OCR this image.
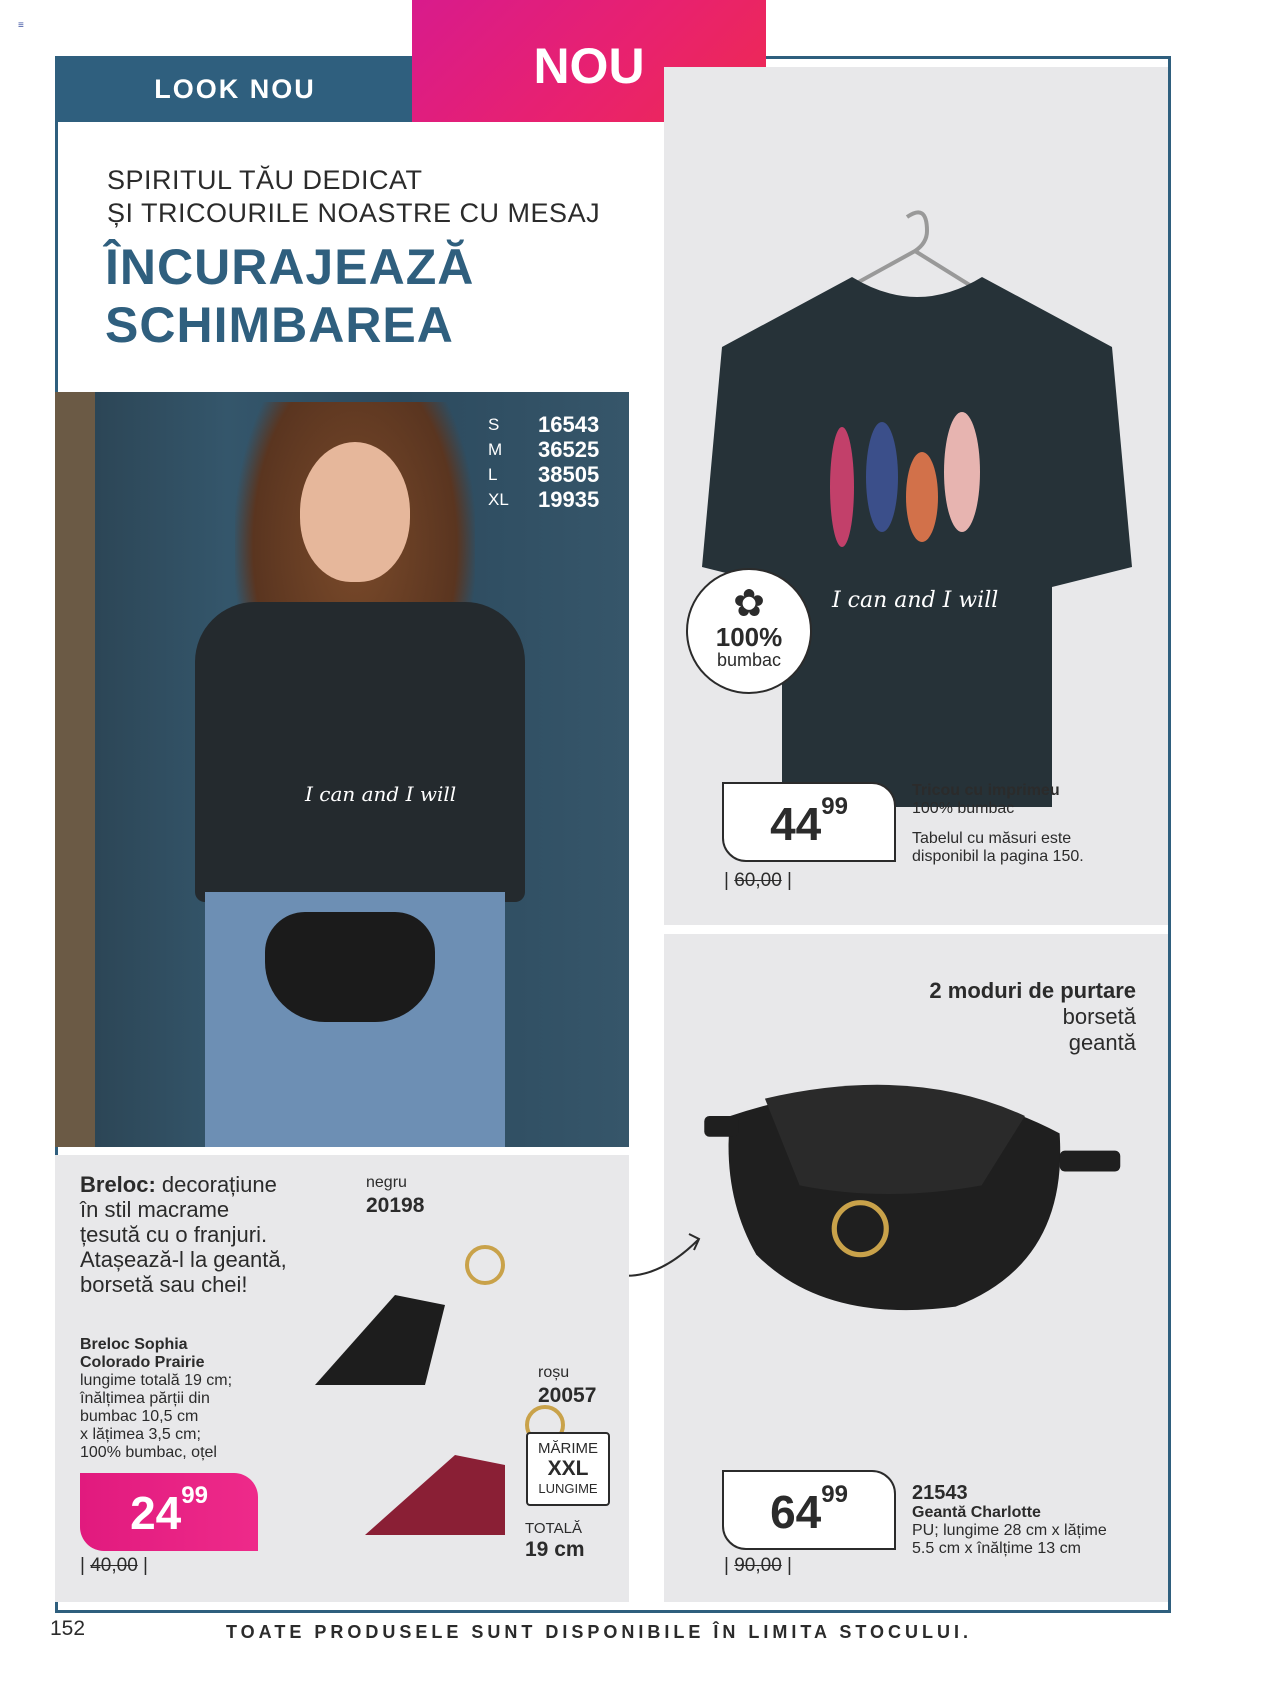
≡
LOOK NOU	NOU
SPIRITUL TĂU DEDICAT
ȘI TRICOURILE NOASTRE CU MESAJ
ÎNCURAJEAZĂ
SCHIMBAREA
I can and I will
S	16543
M	36525
L	38505
XL	19935
I can and I will
✿
100%
bumbac
44 99
| 60,00 |
Tricou cu imprimeu
100% bumbac
Tabelul cu măsuri este disponibil la pagina 150.
2 moduri de purtare
borsetă
geantă
64 99
| 90,00 |
21543
Geantă Charlotte
PU; lungime 28 cm x lățime 5.5 cm x înălțime 13 cm
Breloc: decorațiune
în stil macrame
țesută cu o franjuri.
Atașează-l la geantă,
borsetă sau chei!
Breloc Sophia
Colorado Prairie
lungime totală 19 cm;
înălțimea părții din
bumbac 10,5 cm
x lățimea 3,5 cm;
100% bumbac, oțel
negru
20198
roșu
20057
MĂRIME
XXL
LUNGIME
TOTALĂ
19 cm
24 99
| 40,00 |
152	TOATE PRODUSELE SUNT DISPONIBILE ÎN LIMITA STOCULUI.
